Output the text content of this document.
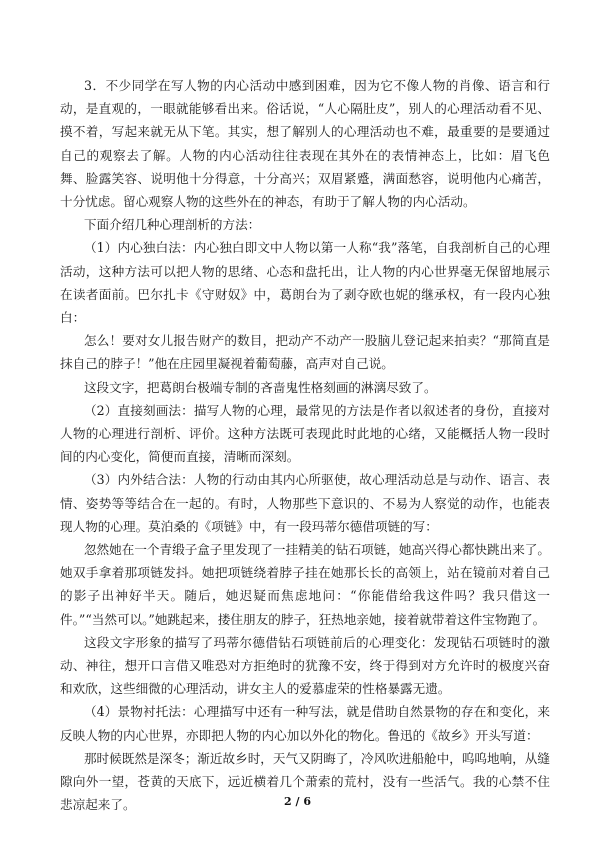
3．不少同学在写人物的内心活动中感到困难，因为它不像人物的肖像、语言和行动，是直观的，一眼就能够看出来。俗话说，“人心隔肚皮”，别人的心理活动看不见、摸不着，写起来就无从下笔。其实，想了解别人的心理活动也不难，最重要的是要通过自己的观察去了解。人物的内心活动往往表现在其外在的表情神态上，比如：眉飞色舞、脸露笑容、说明他十分得意，十分高兴；双眉紧蹙，满面愁容，说明他内心痛苦，十分忧虑。留心观察人物的这些外在的神态，有助于了解人物的内心活动。

下面介绍几种心理剖析的方法：

（1）内心独白法：内心独白即文中人物以第一人称“我”落笔，自我剖析自己的心理活动，这种方法可以把人物的思绪、心态和盘托出，让人物的内心世界毫无保留地展示在读者面前。巴尔扎卡《守财奴》中，葛朗台为了剥夺欧也妮的继承权，有一段内心独白：

怎么！要对女儿报告财产的数目，把动产不动产一股脑儿登记起来拍卖？“那简直是抹自己的脖子！”他在庄园里凝视着葡萄藤，高声对自己说。

这段文字，把葛朗台极端专制的吝啬鬼性格刻画的淋漓尽致了。

（2）直接刻画法：描写人物的心理，最常见的方法是作者以叙述者的身份，直接对人物的心理进行剖析、评价。这种方法既可表现此时此地的心绪，又能概括人物一段时间的内心变化，简便而直接，清晰而深刻。

（3）内外结合法：人物的行动由其内心所驱使，故心理活动总是与动作、语言、表情、姿势等等结合在一起的。有时，人物那些下意识的、不易为人察觉的动作，也能表现人物的心理。莫泊桑的《项链》中，有一段玛蒂尔德借项链的写：

忽然她在一个青缎子盒子里发现了一挂精美的钻石项链，她高兴得心都快跳出来了。她双手拿着那项链发抖。她把项链绕着脖子挂在她那长长的高领上，站在镜前对着自己的影子出神好半天。随后，她迟疑而焦虑地问：“你能借给我这件吗？我只借这一件。”“当然可以。”她跳起来，搂住朋友的脖子，狂热地亲她，接着就带着这件宝物跑了。

这段文字形象的描写了玛蒂尔德借钻石项链前后的心理变化：发现钻石项链时的激动、神往，想开口言借又唯恐对方拒绝时的犹豫不安，终于得到对方允许时的极度兴奋和欢欣，这些细微的心理活动，讲女主人的爱慕虚荣的性格暴露无遗。

（4）景物衬托法：心理描写中还有一种写法，就是借助自然景物的存在和变化，来反映人物的内心世界，亦即把人物的内心加以外化的物化。鲁迅的《故乡》开头写道：

那时候既然是深冬；渐近故乡时，天气又阴晦了，冷风吹进船舱中，呜呜地响，从缝隙向外一望，苍黄的天底下，远近横着几个萧索的荒村，没有一些活气。我的心禁不住悲凉起来了。	2 / 6
